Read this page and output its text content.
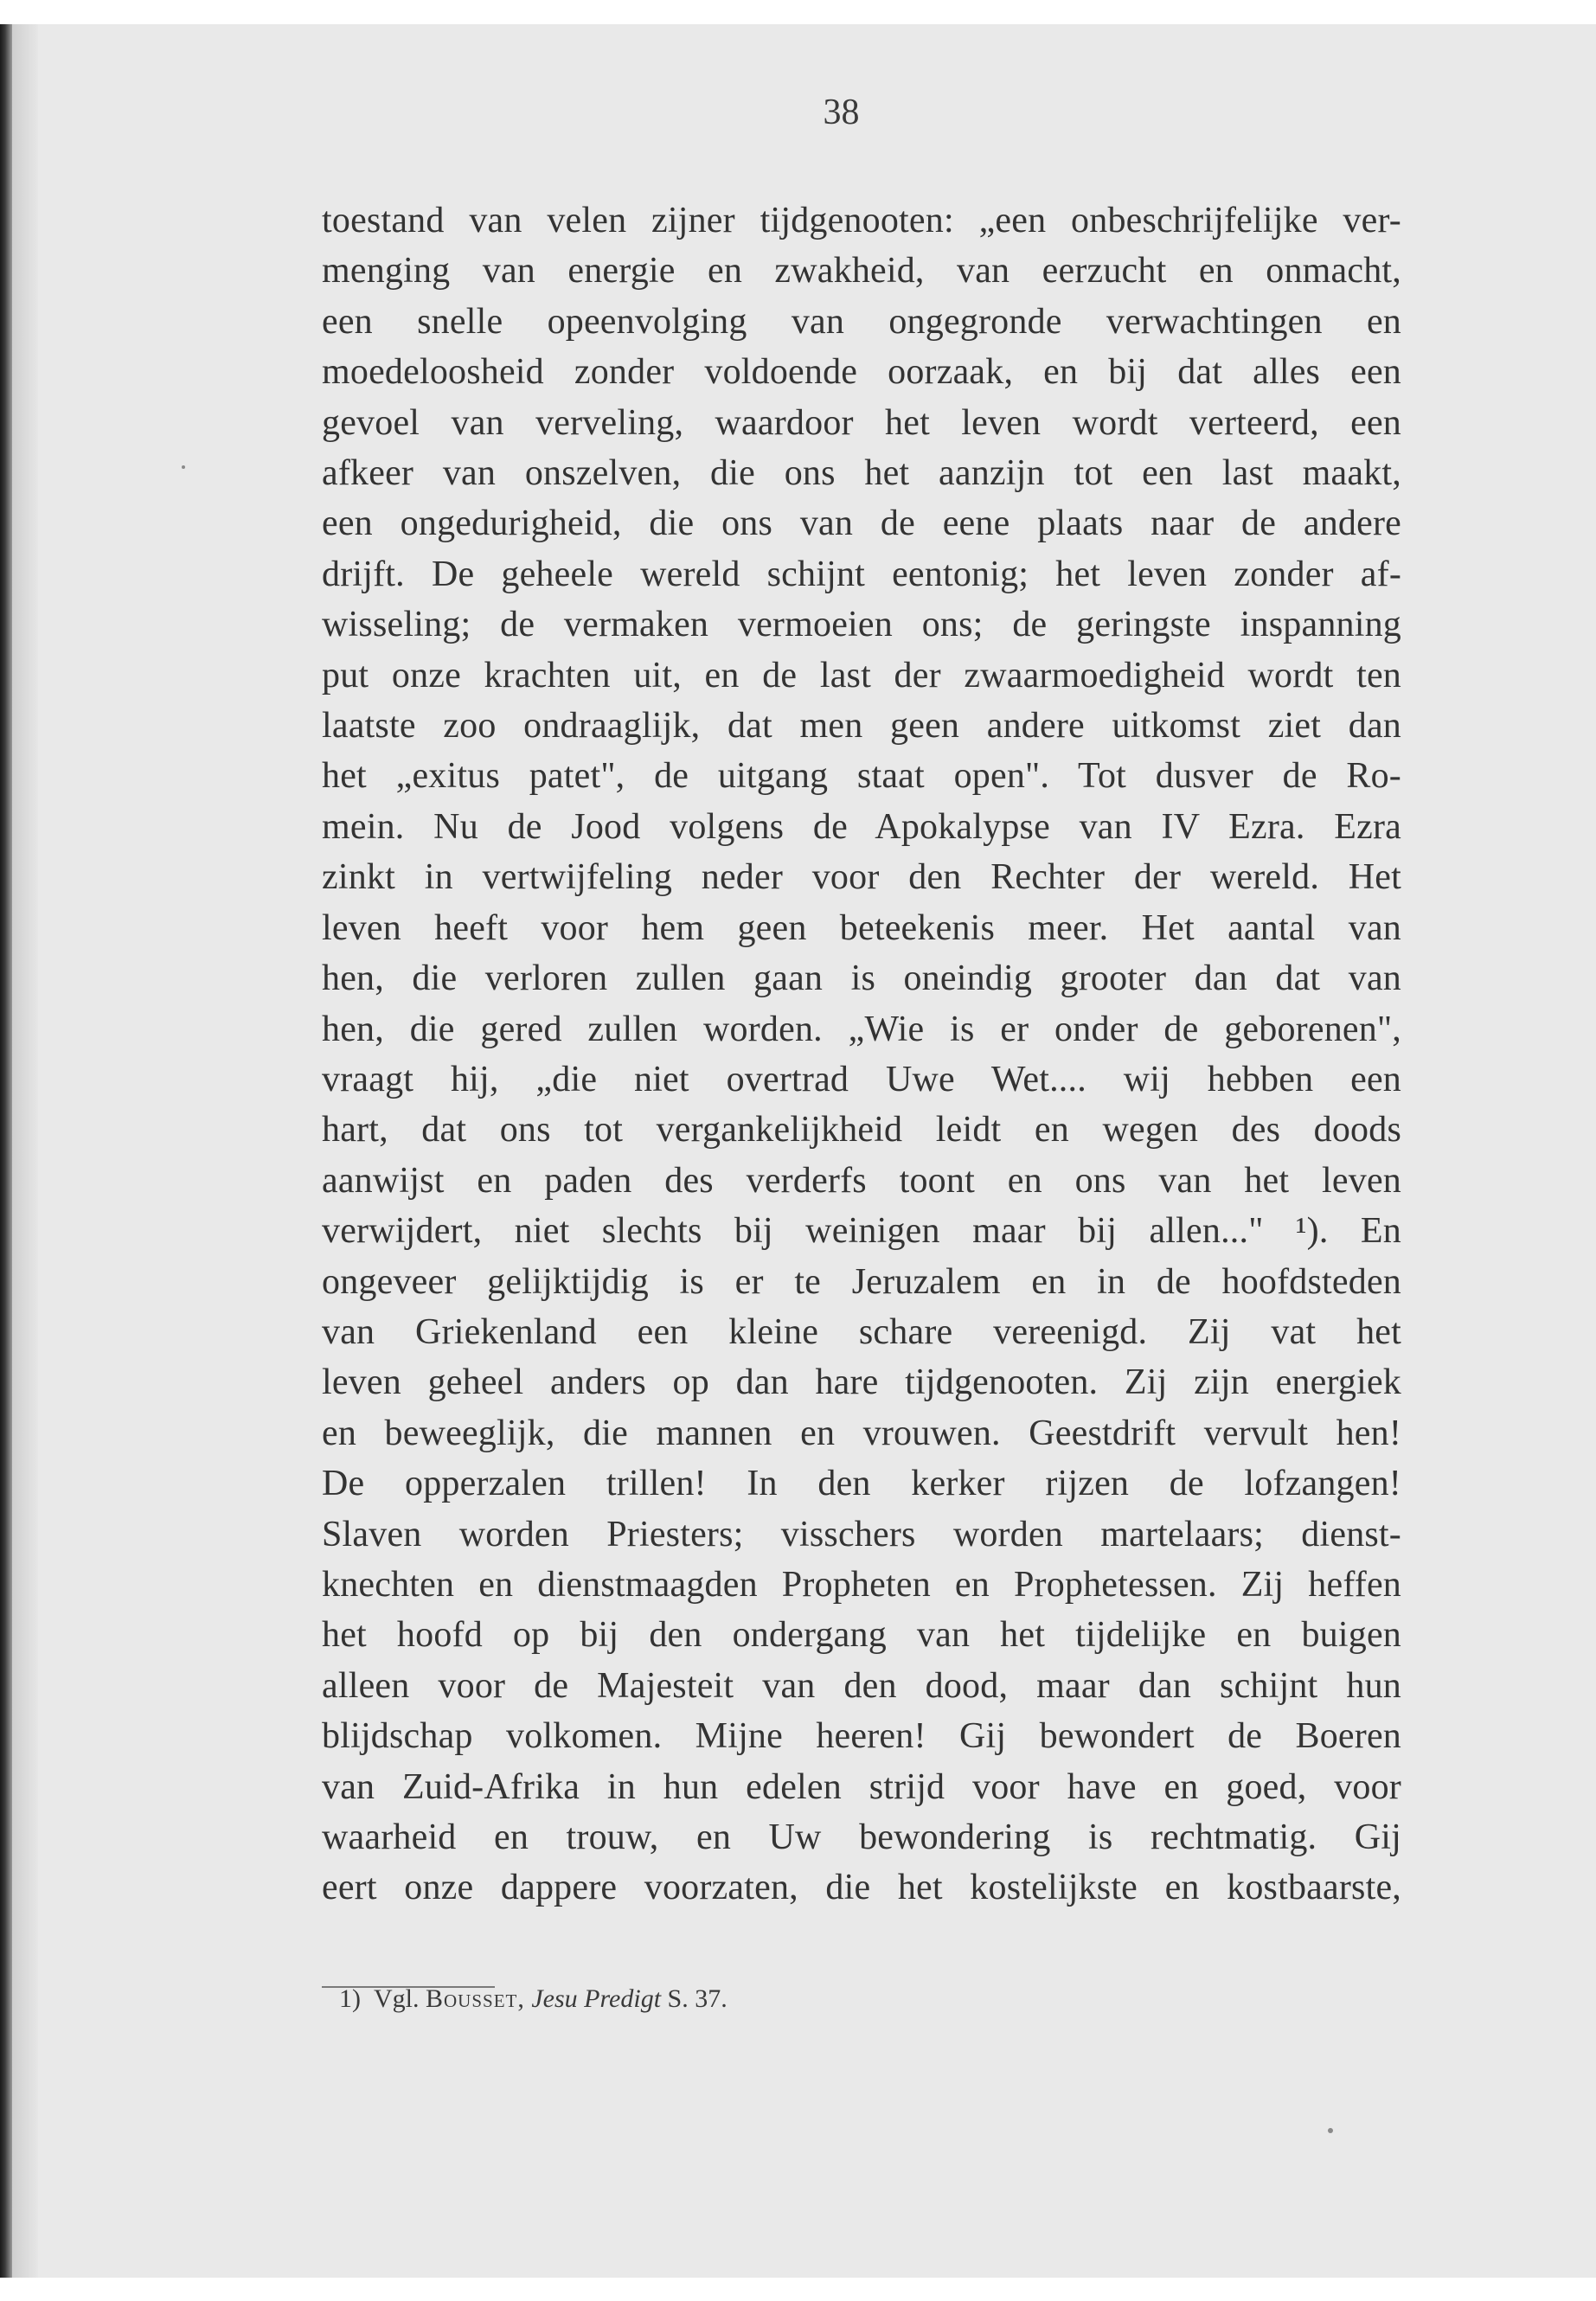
38
toestand van velen zijner tijdgenooten: „een onbeschrijfelijke ver-
menging van energie en zwakheid, van eerzucht en onmacht,
een snelle opeenvolging van ongegronde verwachtingen en
moedeloosheid zonder voldoende oorzaak, en bij dat alles een
gevoel van verveling, waardoor het leven wordt verteerd, een
afkeer van onszelven, die ons het aanzijn tot een last maakt,
een ongedurigheid, die ons van de eene plaats naar de andere
drijft. De geheele wereld schijnt eentonig; het leven zonder af-
wisseling; de vermaken vermoeien ons; de geringste inspanning
put onze krachten uit, en de last der zwaarmoedigheid wordt ten
laatste zoo ondraaglijk, dat men geen andere uitkomst ziet dan
het „exitus patet", de uitgang staat open". Tot dusver de Ro-
mein. Nu de Jood volgens de Apokalypse van IV Ezra. Ezra
zinkt in vertwijfeling neder voor den Rechter der wereld. Het
leven heeft voor hem geen beteekenis meer. Het aantal van
hen, die verloren zullen gaan is oneindig grooter dan dat van
hen, die gered zullen worden. „Wie is er onder de geborenen",
vraagt hij, „die niet overtrad Uwe Wet.... wij hebben een
hart, dat ons tot vergankelijkheid leidt en wegen des doods
aanwijst en paden des verderfs toont en ons van het leven
verwijdert, niet slechts bij weinigen maar bij allen..." ¹). En
ongeveer gelijktijdig is er te Jeruzalem en in de hoofdsteden
van Griekenland een kleine schare vereenigd. Zij vat het
leven geheel anders op dan hare tijdgenooten. Zij zijn energiek
en beweeglijk, die mannen en vrouwen. Geestdrift vervult hen!
De opperzalen trillen! In den kerker rijzen de lofzangen!
Slaven worden Priesters; visschers worden martelaars; dienst-
knechten en dienstmaagden Propheten en Prophetessen. Zij heffen
het hoofd op bij den ondergang van het tijdelijke en buigen
alleen voor de Majesteit van den dood, maar dan schijnt hun
blijdschap volkomen. Mijne heeren! Gij bewondert de Boeren
van Zuid-Afrika in hun edelen strijd voor have en goed, voor
waarheid en trouw, en Uw bewondering is rechtmatig. Gij
eert onze dappere voorzaten, die het kostelijkste en kostbaarste,
1) Vgl. Bousset, Jesu Predigt S. 37.
